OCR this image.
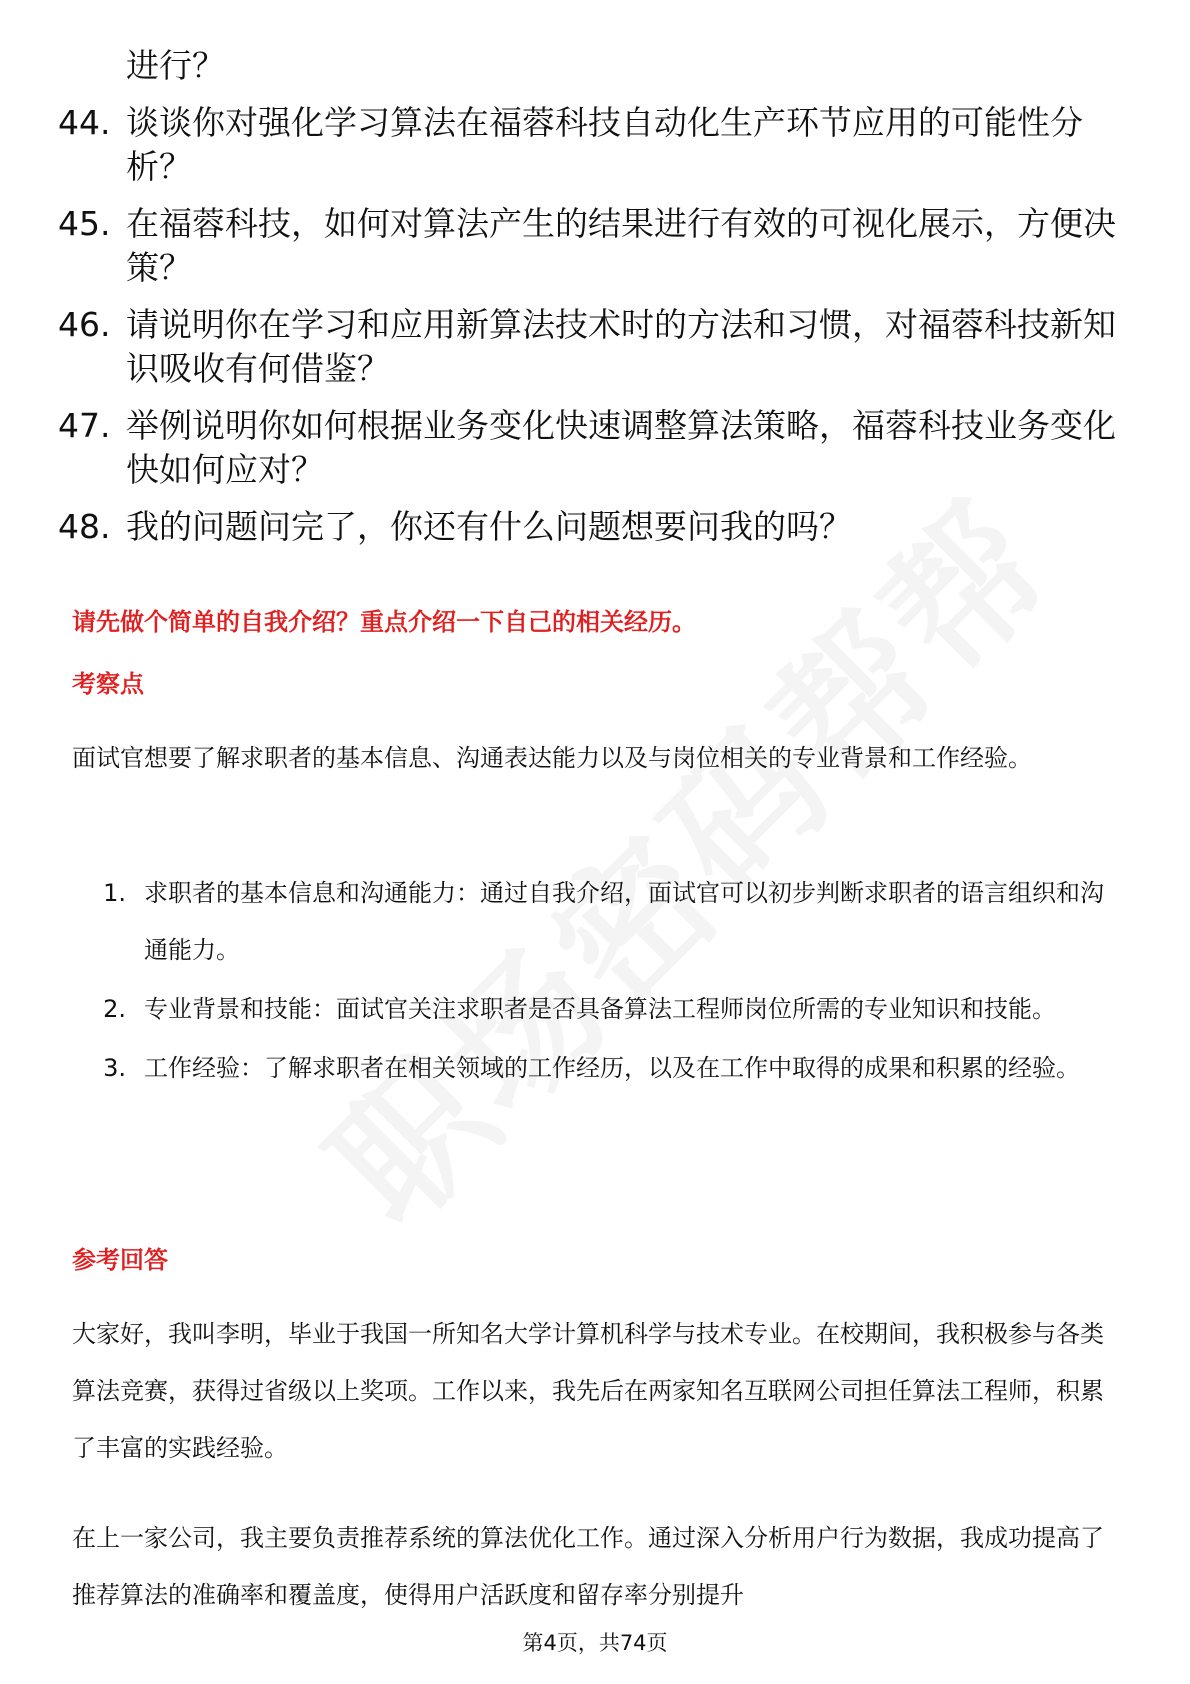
进行？
44. 谈谈你对强化学习算法在福蓉科技自动化生产环节应用的可能性分析？
45. 在福蓉科技，如何对算法产生的结果进行有效的可视化展示，方便决策？
46. 请说明你在学习和应用新算法技术时的方法和习惯，对福蓉科技新知识吸收有何借鉴？
47. 举例说明你如何根据业务变化快速调整算法策略，福蓉科技业务变化快如何应对？
48. 我的问题问完了，你还有什么问题想要问我的吗？
请先做个简单的自我介绍？重点介绍一下自己的相关经历。
考察点
面试官想要了解求职者的基本信息、沟通表达能力以及与岗位相关的专业背景和工作经验。
1. 求职者的基本信息和沟通能力：通过自我介绍，面试官可以初步判断求职者的语言组织和沟通能力。
2. 专业背景和技能：面试官关注求职者是否具备算法工程师岗位所需的专业知识和技能。
3. 工作经验：了解求职者在相关领域的工作经历，以及在工作中取得的成果和积累的经验。
参考回答
大家好，我叫李明，毕业于我国一所知名大学计算机科学与技术专业。在校期间，我积极参与各类算法竞赛，获得过省级以上奖项。工作以来，我先后在两家知名互联网公司担任算法工程师，积累了丰富的实践经验。
在上一家公司，我主要负责推荐系统的算法优化工作。通过深入分析用户行为数据，我成功提高了推荐算法的准确率和覆盖度，使得用户活跃度和留存率分别提升
第4页，共74页
